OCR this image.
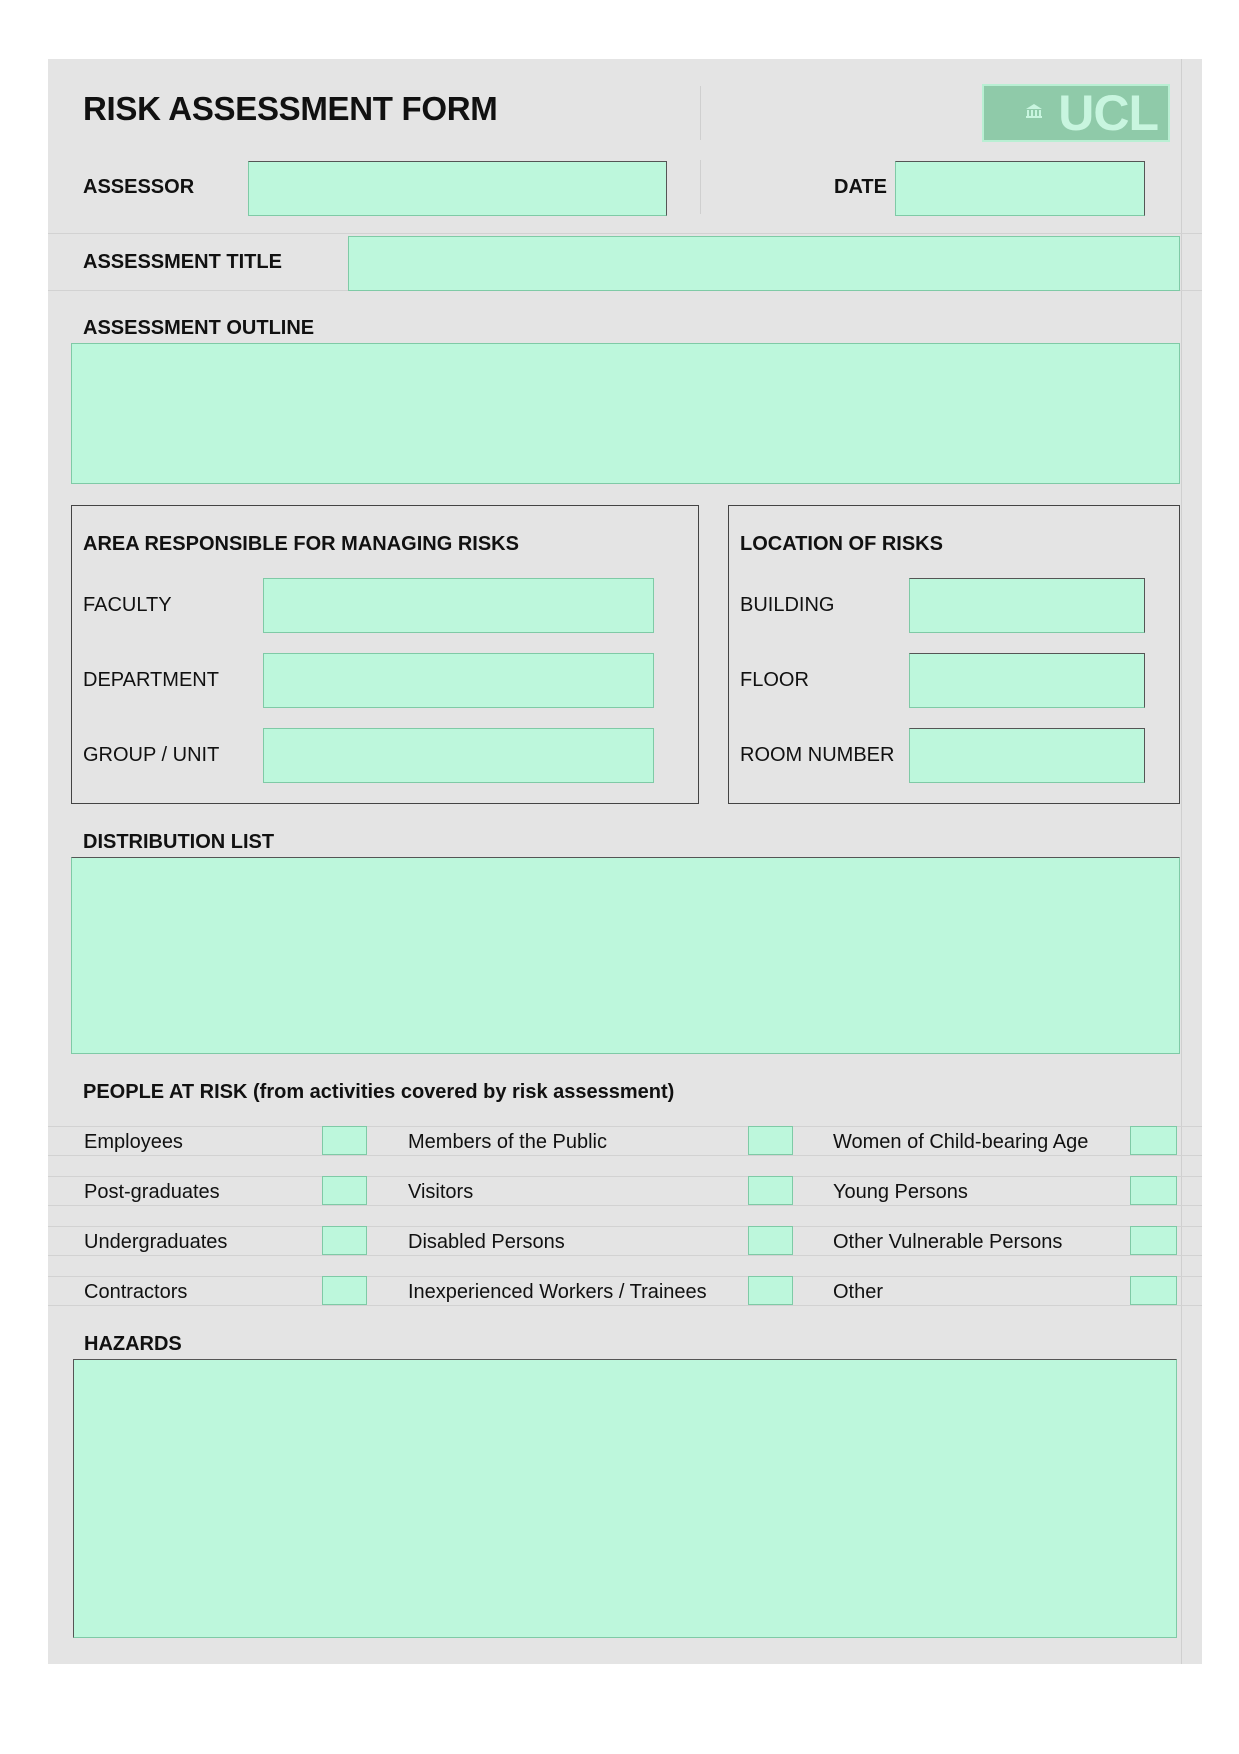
RISK ASSESSMENT FORM	UCL
ASSESSOR	DATE
ASSESSMENT TITLE
ASSESSMENT OUTLINE
AREA RESPONSIBLE FOR MANAGING RISKS
FACULTY
DEPARTMENT
GROUP / UNIT
LOCATION OF RISKS
BUILDING
FLOOR
ROOM NUMBER
DISTRIBUTION LIST
PEOPLE AT RISK (from activities covered by risk assessment)
Employees
Post-graduates
Undergraduates
Contractors
Members of the Public
Visitors
Disabled Persons
Inexperienced Workers / Trainees
Women of Child-bearing Age
Young Persons
Other Vulnerable Persons
Other
HAZARDS
